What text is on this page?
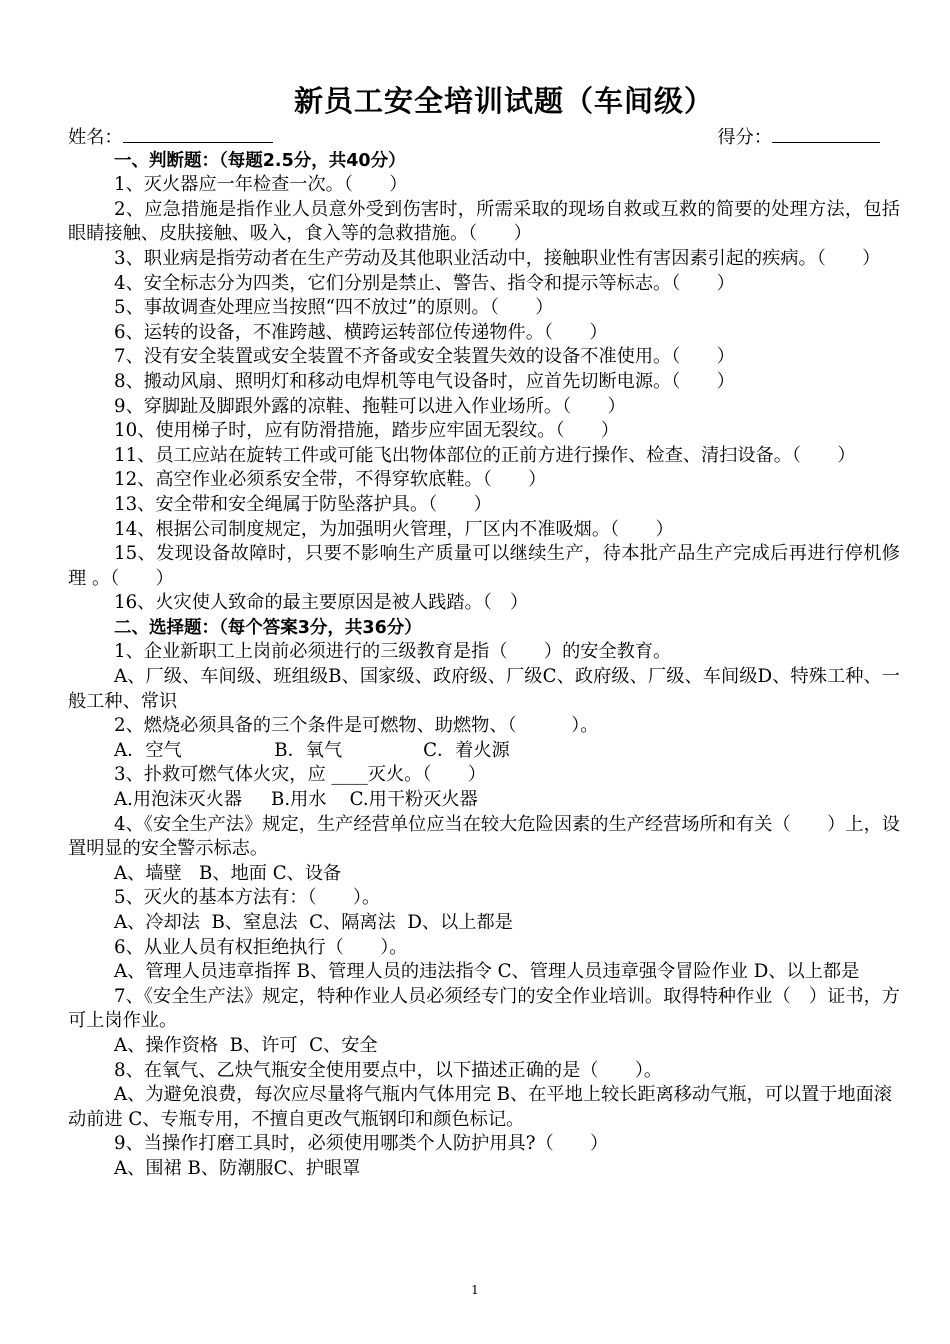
新员工安全培训试题（车间级）
姓名：	得分：
一、判断题：（每题2.5分，共40分）

1、灭火器应一年检查一次。（　　）

2、应急措施是指作业人员意外受到伤害时，所需采取的现场自救或互救的简要的处理方法，包括眼睛接触、皮肤接触、吸入，食入等的急救措施。（　　）

3、职业病是指劳动者在生产劳动及其他职业活动中，接触职业性有害因素引起的疾病。（　　）

4、安全标志分为四类，它们分别是禁止、警告、指令和提示等标志。（　　）

5、事故调查处理应当按照“四不放过”的原则。（　　）

6、运转的设备，不准跨越、横跨运转部位传递物件。（　　）

7、没有安全装置或安全装置不齐备或安全装置失效的设备不准使用。（　　）

8、搬动风扇、照明灯和移动电焊机等电气设备时，应首先切断电源。（　　）

9、穿脚趾及脚跟外露的凉鞋、拖鞋可以进入作业场所。（　　）

10、使用梯子时，应有防滑措施，踏步应牢固无裂纹。（　　）

11、员工应站在旋转工件或可能飞出物体部位的正前方进行操作、检查、清扫设备。（　　）

12、高空作业必须系安全带，不得穿软底鞋。（　　）

13、安全带和安全绳属于防坠落护具。（　　）

14、根据公司制度规定，为加强明火管理，厂区内不准吸烟。（　　）

15、发现设备故障时，只要不影响生产质量可以继续生产，待本批产品生产完成后再进行停机修理 。（　　）

16、火灾使人致命的最主要原因是被人践踏。（　）

二、选择题：（每个答案3分，共36分）

1、企业新职工上岗前必须进行的三级教育是指（　　）的安全教育。

A、厂级、车间级、班组级B、国家级、政府级、厂级C、政府级、厂级、车间级D、特殊工种、一般工种、常识

2、燃烧必须具备的三个条件是可燃物、助燃物、（　　　）。

A．空气                B．氧气              C．着火源

3、扑救可燃气体火灾，应 ____灭火。（　　）

A.用泡沫灭火器     B.用水    C.用干粉灭火器

4、《安全生产法》规定，生产经营单位应当在较大危险因素的生产经营场所和有关（　　）上，设置明显的安全警示标志。

A、墙壁   B、地面 C、设备

5、灭火的基本方法有：（　　）。

A、冷却法  B、窒息法  C、隔离法  D、以上都是

6、从业人员有权拒绝执行（　　）。

A、管理人员违章指挥 B、管理人员的违法指令 C、管理人员违章强令冒险作业 D、以上都是

7、《安全生产法》规定，特种作业人员必须经专门的安全作业培训。取得特种作业（　）证书，方可上岗作业。

A、操作资格  B、许可  C、安全

8、在氧气、乙炔气瓶安全使用要点中，以下描述正确的是（　　）。

A、为避免浪费，每次应尽量将气瓶内气体用完 B、在平地上较长距离移动气瓶，可以置于地面滚动前进 C、专瓶专用，不擅自更改气瓶钢印和颜色标记。

9、当操作打磨工具时，必须使用哪类个人防护用具?（　　）

A、围裙 B、防潮服C、护眼罩

1
